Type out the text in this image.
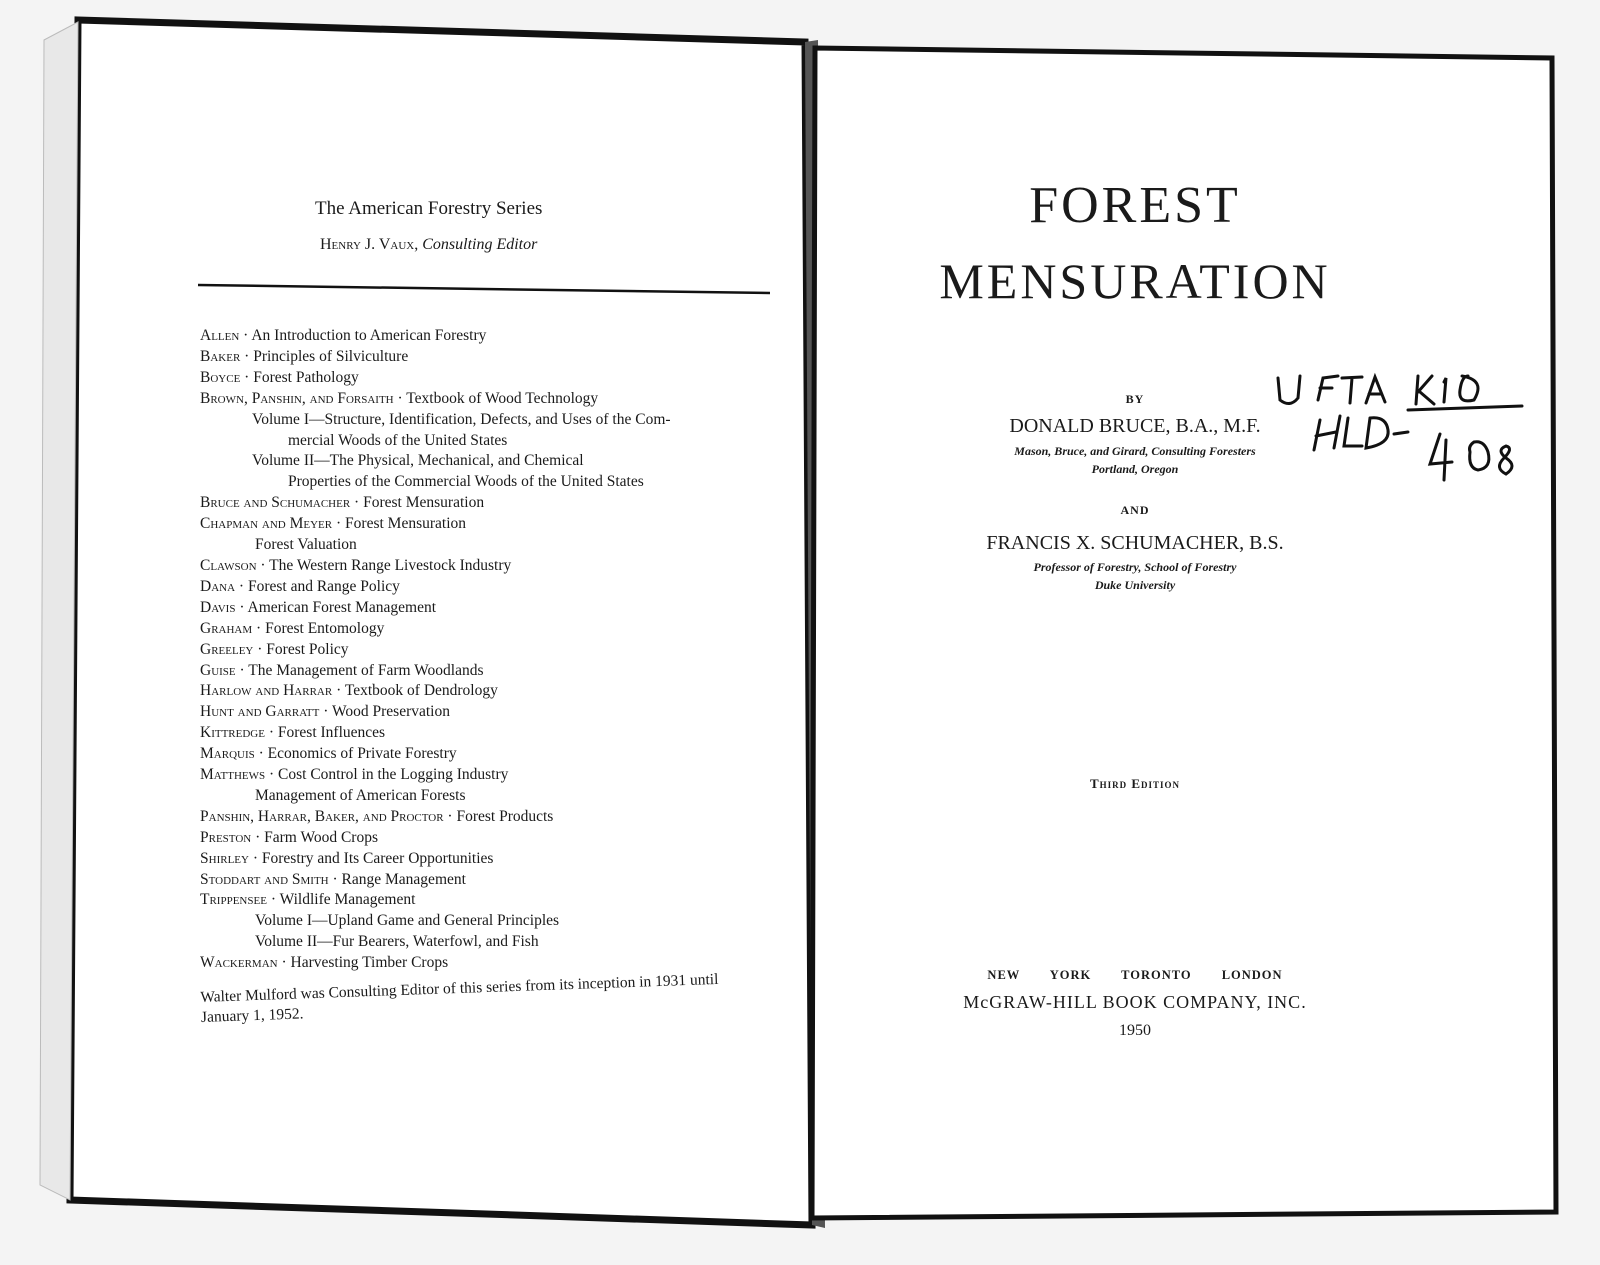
The American Forestry Series
Henry J. Vaux, Consulting Editor
Allen · An Introduction to American Forestry
Baker · Principles of Silviculture
Boyce · Forest Pathology
Brown, Panshin, and Forsaith · Textbook of Wood Technology
Volume I—Structure, Identification, Defects, and Uses of the Com-
mercial Woods of the United States
Volume II—The Physical, Mechanical, and Chemical
Properties of the Commercial Woods of the United States
Bruce and Schumacher · Forest Mensuration
Chapman and Meyer · Forest Mensuration
Forest Valuation
Clawson · The Western Range Livestock Industry
Dana · Forest and Range Policy
Davis · American Forest Management
Graham · Forest Entomology
Greeley · Forest Policy
Guise · The Management of Farm Woodlands
Harlow and Harrar · Textbook of Dendrology
Hunt and Garratt · Wood Preservation
Kittredge · Forest Influences
Marquis · Economics of Private Forestry
Matthews · Cost Control in the Logging Industry
Management of American Forests
Panshin, Harrar, Baker, and Proctor · Forest Products
Preston · Farm Wood Crops
Shirley · Forestry and Its Career Opportunities
Stoddart and Smith · Range Management
Trippensee · Wildlife Management
Volume I—Upland Game and General Principles
Volume II—Fur Bearers, Waterfowl, and Fish
Wackerman · Harvesting Timber Crops
Walter Mulford was Consulting Editor of this series from its inception in 1931 until January 1, 1952.
FOREST
MENSURATION
BY
DONALD BRUCE, B.A., M.F.
Mason, Bruce, and Girard, Consulting Foresters
Portland, Oregon
AND
FRANCIS X. SCHUMACHER, B.S.
Professor of Forestry, School of Forestry
Duke University
Third Edition
NEW YORK TORONTO LONDON
McGRAW-HILL BOOK COMPANY, INC.
1950
